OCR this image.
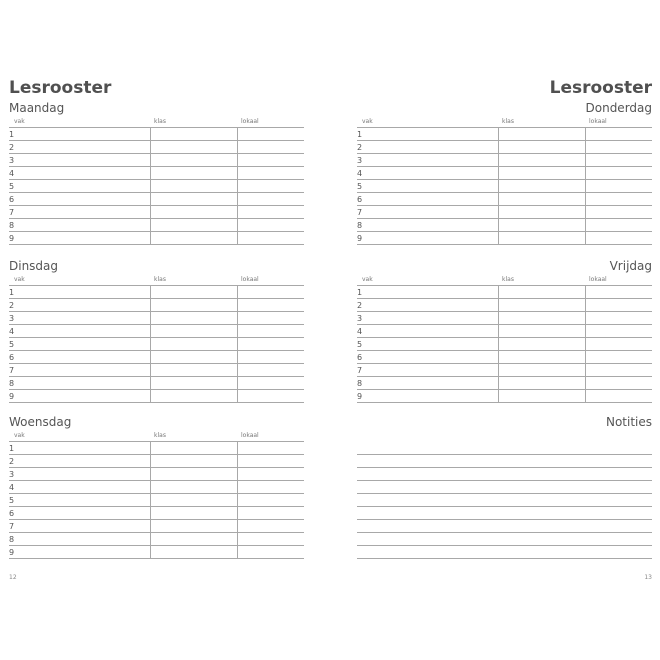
Lesrooster	Lesrooster
12	13
Maandag
vak	klas	lokaal
1
2
3
4
5
6
7
8
9
Dinsdag
vak	klas	lokaal
1
2
3
4
5
6
7
8
9
Woensdag
vak	klas	lokaal
1
2
3
4
5
6
7
8
9
Donderdag
vak	klas	lokaal
1
2
3
4
5
6
7
8
9
Vrijdag
vak	klas	lokaal
1
2
3
4
5
6
7
8
9
Notities
